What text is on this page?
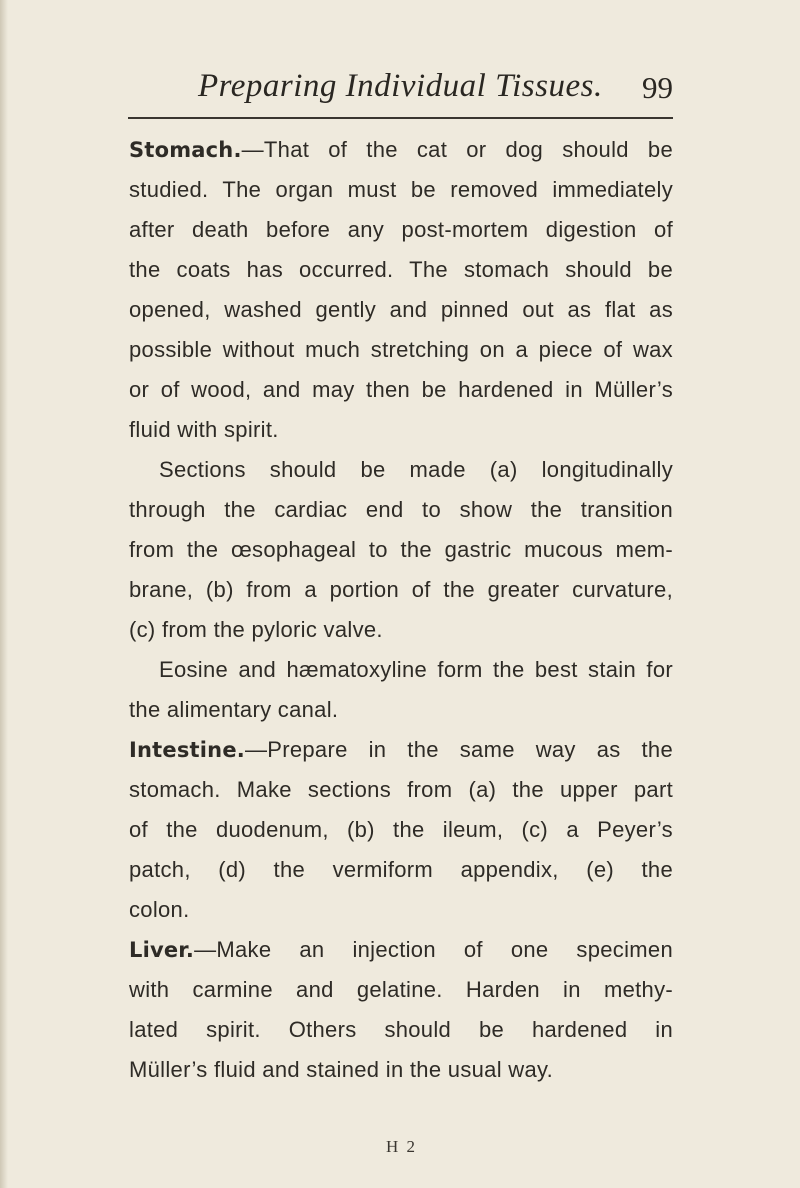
Preparing Individual Tissues. 99
Stomach.—That of the cat or dog should be
studied. The organ must be removed immediately
after death before any post-mortem digestion of
the coats has occurred. The stomach should be
opened, washed gently and pinned out as flat as
possible without much stretching on a piece of wax
or of wood, and may then be hardened in Müller’s
fluid with spirit.
Sections should be made (a) longitudinally
through the cardiac end to show the transition
from the œsophageal to the gastric mucous mem-
brane, (b) from a portion of the greater curvature,
(c) from the pyloric valve.
Eosine and hæmatoxyline form the best stain for
the alimentary canal.
Intestine.—Prepare in the same way as the
stomach. Make sections from (a) the upper part
of the duodenum, (b) the ileum, (c) a Peyer’s
patch, (d) the vermiform appendix, (e) the
colon.
Liver.—Make an injection of one specimen
with carmine and gelatine. Harden in methy-
lated spirit. Others should be hardened in
Müller’s fluid and stained in the usual way.
H 2
